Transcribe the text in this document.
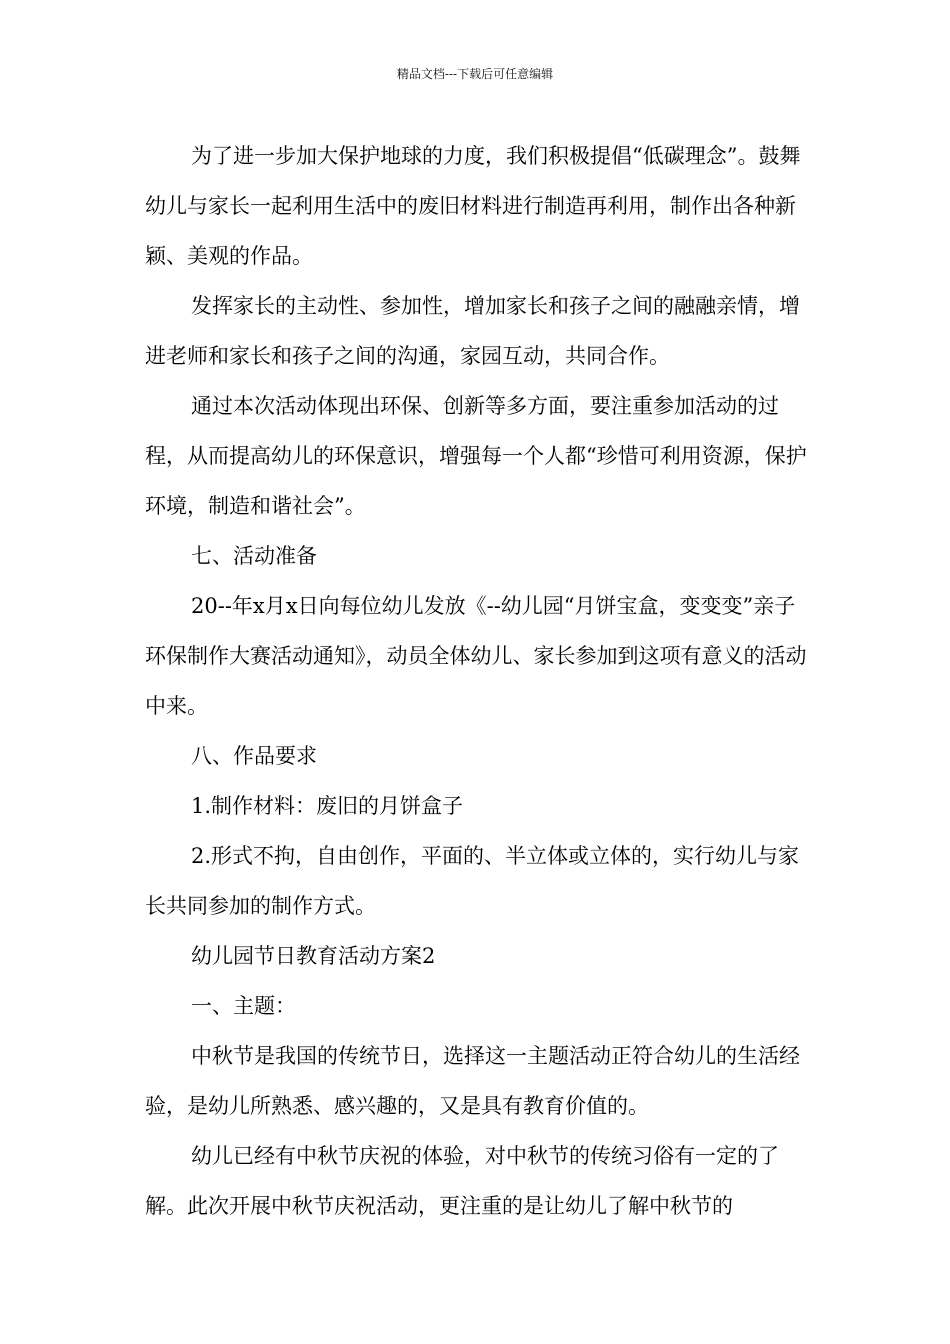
精品文档---下载后可任意编辑

为了进一步加大保护地球的力度，我们积极提倡“低碳理念”。鼓舞幼儿与家长一起利用生活中的废旧材料进行制造再利用，制作出各种新颖、美观的作品。

发挥家长的主动性、参加性，增加家长和孩子之间的融融亲情，增进老师和家长和孩子之间的沟通，家园互动，共同合作。

通过本次活动体现出环保、创新等多方面，要注重参加活动的过程，从而提高幼儿的环保意识，增强每一个人都“珍惜可利用资源，保护环境，制造和谐社会”。

七、活动准备

20--年x月x日向每位幼儿发放《--幼儿园“月饼宝盒，变变变”亲子环保制作大赛活动通知》，动员全体幼儿、家长参加到这项有意义的活动中来。

八、作品要求

1.制作材料：废旧的月饼盒子

2.形式不拘，自由创作，平面的、半立体或立体的，实行幼儿与家长共同参加的制作方式。

幼儿园节日教育活动方案2

一、主题：

中秋节是我国的传统节日，选择这一主题活动正符合幼儿的生活经验，是幼儿所熟悉、感兴趣的，又是具有教育价值的。

幼儿已经有中秋节庆祝的体验，对中秋节的传统习俗有一定的了解。此次开展中秋节庆祝活动，更注重的是让幼儿了解中秋节的
